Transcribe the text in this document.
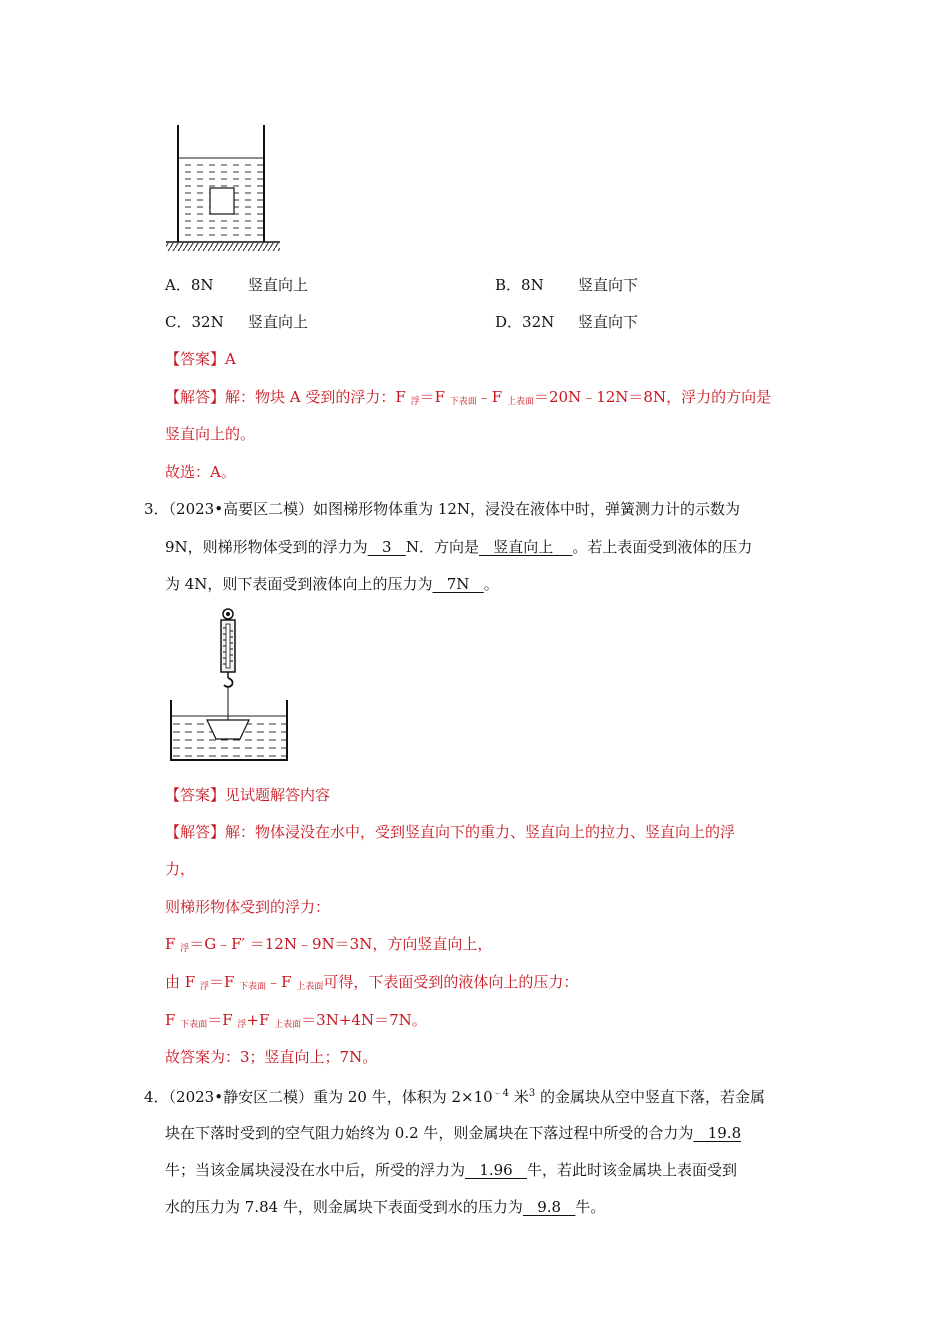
A．8N 竖直向上	B．8N 竖直向下
C．32N 竖直向上	D．32N 竖直向下
【答案】A
【解答】解：物块 A 受到的浮力：F $_浮$＝F $_{下表面}$﹣F $_{上表面}$＝20N﹣12N＝8N，浮力的方向是
竖直向上的。
故选：A。
3．（2023•高要区二模）如图梯形物体重为 12N，浸没在液体中时，弹簧测力计的示数为
9N，则梯形物体受到的浮力为   3   N．方向是   竖直向上    。若上表面受到液体的压力
为 4N，则下表面受到液体向上的压力为   7N   。
【答案】见试题解答内容
【解答】解：物体浸没在水中，受到竖直向下的重力、竖直向上的拉力、竖直向上的浮
力，
则梯形物体受到的浮力：
F $_浮$＝G﹣F′ ＝12N﹣9N＝3N，方向竖直向上，
由 F $_浮$＝F $_{下表面}$﹣F $_{上表面}$可得，下表面受到的液体向上的压力：
F $_{下表面}$＝F $_浮$+F $_{上表面}$＝3N+4N＝7N。
故答案为：3；竖直向上；7N。
4．（2023•静安区二模）重为 20 牛，体积为 $2\times 10^{﹣4}$ 米$^3$ 的金属块从空中竖直下落，若金属
块在下落时受到的空气阻力始终为 0.2 牛，则金属块在下落过程中所受的合力为   19.8
牛；当该金属块浸没在水中后，所受的浮力为   1.96   牛，若此时该金属块上表面受到
水的压力为 7.84 牛，则金属块下表面受到水的压力为   9.8   牛。
